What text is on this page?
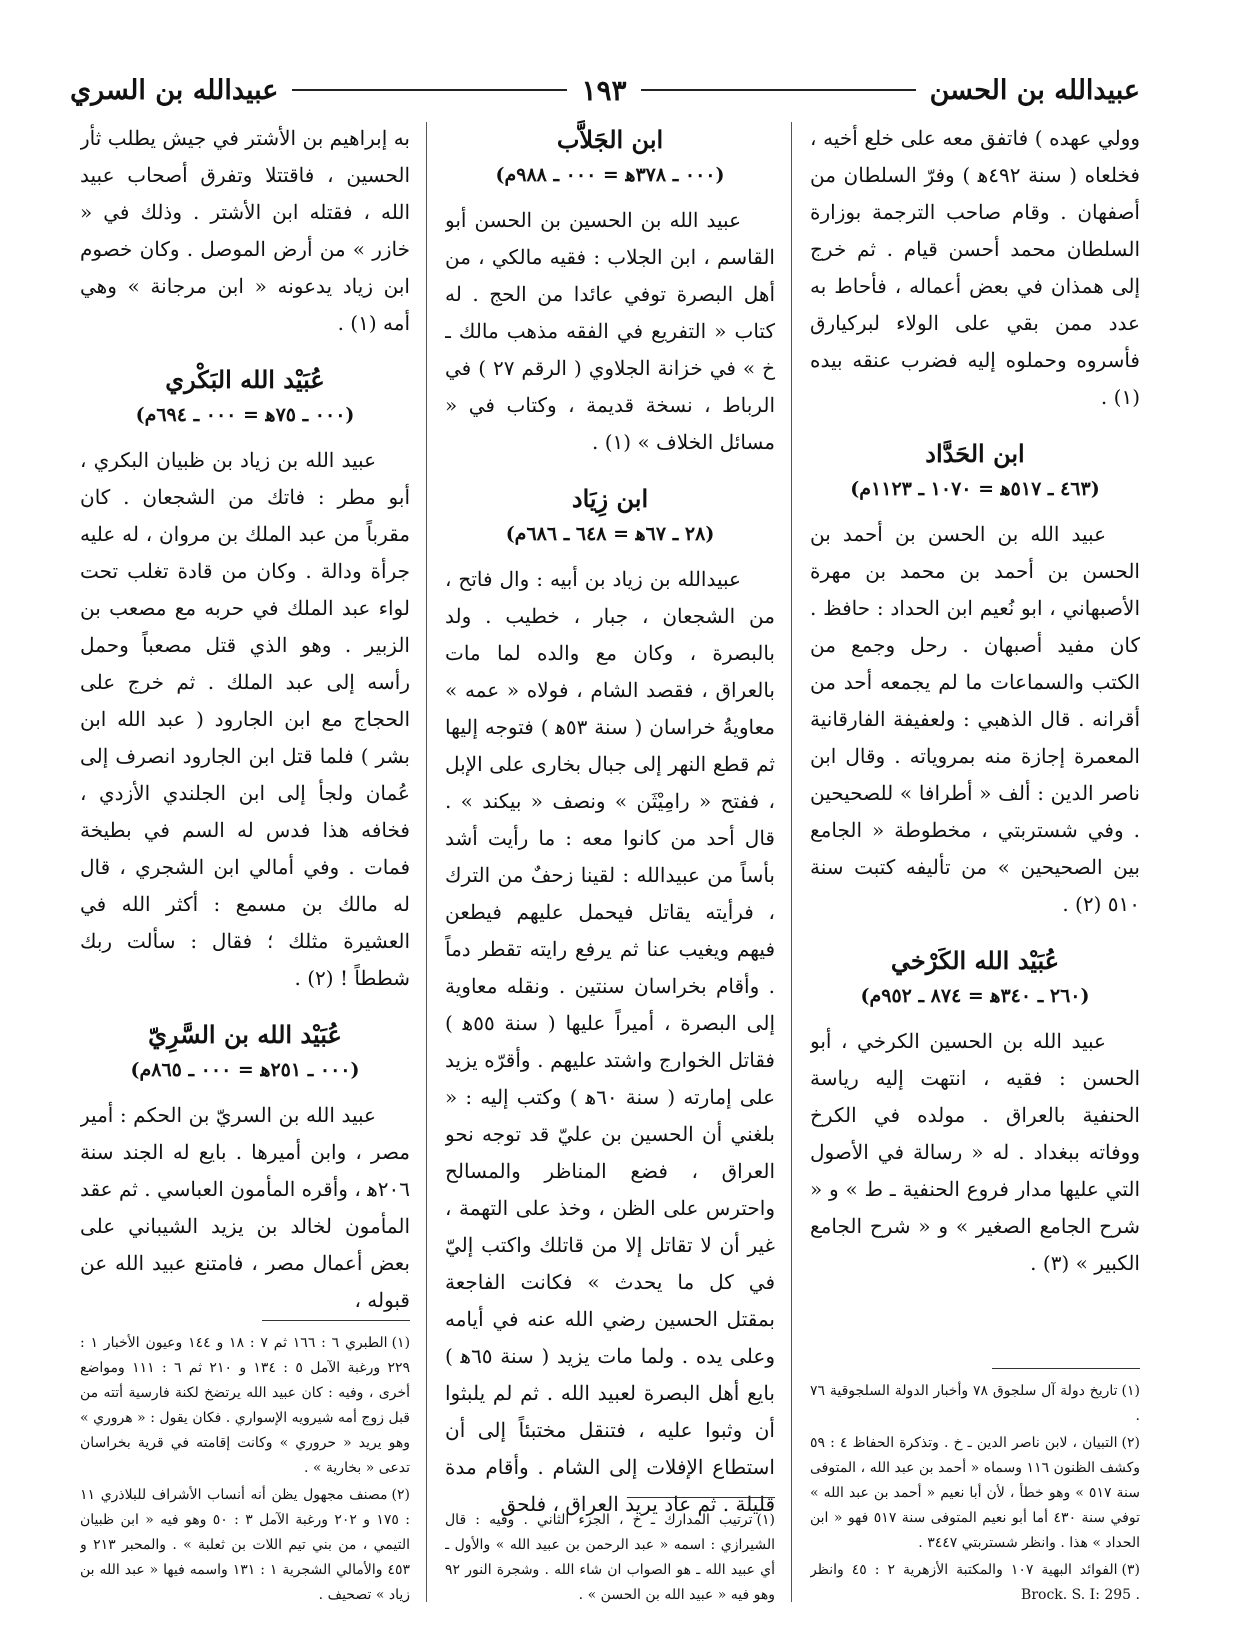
عبيدالله بن الحسن
١٩٣
عبيدالله بن السري

وولي عهده ) فاتفق معه على خلع أخيه ، فخلعاه ( سنة ٤٩٢ﻫ ) وفرّ السلطان من أصفهان . وقام صاحب الترجمة بوزارة السلطان محمد أحسن قيام . ثم خرج إلى همذان في بعض أعماله ، فأحاط به عدد ممن بقي على الولاء لبركيارق فأسروه وحملوه إليه فضرب عنقه بيده (١) .

ابن الحَدَّاد
(٤٦٣ ـ ٥١٧ﻫ = ١٠٧٠ ـ ١١٢٣م)

عبيد الله بن الحسن بن أحمد بن الحسن بن أحمد بن محمد بن مهرة الأصبهاني ، ابو نُعيم ابن الحداد : حافظ . كان مفيد أصبهان . رحل وجمع من الكتب والسماعات ما لم يجمعه أحد من أقرانه . قال الذهبي : ولعفيفة الفارقانية المعمرة إجازة منه بمروياته . وقال ابن ناصر الدين : ألف « أطرافا » للصحيحين . وفي شستربتي ، مخطوطة « الجامع بين الصحيحين » من تأليفه كتبت سنة ٥١٠ (٢) .

عُبَيْد الله الكَرْخي
(٢٦٠ ـ ٣٤٠ﻫ = ٨٧٤ ـ ٩٥٢م)

عبيد الله بن الحسين الكرخي ، أبو الحسن : فقيه ، انتهت إليه رياسة الحنفية بالعراق . مولده في الكرخ ووفاته ببغداد . له « رسالة في الأصول التي عليها مدار فروع الحنفية ـ ط » و « شرح الجامع الصغير » و « شرح الجامع الكبير » (٣) .

(١)تاريخ دولة آل سلجوق ٧٨ وأخبار الدولة السلجوقية ٧٦ .

(٢)التبيان ، لابن ناصر الدين ـ خ . وتذكرة الحفاظ ٤ : ٥٩ وكشف الظنون ١١٦ وسماه « أحمد بن عبد الله ، المتوفى سنة ٥١٧ » وهو خطأ ، لأن أبا نعيم « أحمد بن عبد الله » توفي سنة ٤٣٠ أما أبو نعيم المتوفى سنة ٥١٧ فهو « ابن الحداد » هذا . وانظر شستربتي ٣٤٤٧ .

(٣)الفوائد البهية ١٠٧ والمكتبة الأزهرية ٢ : ٤٥ وانظر Brock. S. I: 295 .

ابن الجَلاَّب
(٠٠٠ ـ ٣٧٨ﻫ = ٠٠٠ ـ ٩٨٨م)

عبيد الله بن الحسين بن الحسن أبو القاسم ، ابن الجلاب : فقيه مالكي ، من أهل البصرة توفي عائدا من الحج . له كتاب « التفريع في الفقه مذهب مالك ـ خ » في خزانة الجلاوي ( الرقم ٢٧ ) في الرباط ، نسخة قديمة ، وكتاب في « مسائل الخلاف » (١) .

ابن زِيَاد
(٢٨ ـ ٦٧ﻫ = ٦٤٨ ـ ٦٨٦م)

عبيدالله بن زياد بن أبيه : وال فاتح ، من الشجعان ، جبار ، خطيب . ولد بالبصرة ، وكان مع والده لما مات بالعراق ، فقصد الشام ، فولاه « عمه » معاويةُ خراسان ( سنة ٥٣ﻫ ) فتوجه إليها ثم قطع النهر إلى جبال بخارى على الإبل ، ففتح « رامِيْثَن » ونصف « بيكند » . قال أحد من كانوا معه : ما رأيت أشد بأساً من عبيدالله : لقينا زحفٌ من الترك ، فرأيته يقاتل فيحمل عليهم فيطعن فيهم ويغيب عنا ثم يرفع رايته تقطر دماً . وأقام بخراسان سنتين . ونقله معاوية إلى البصرة ، أميراً عليها ( سنة ٥٥ﻫ ) فقاتل الخوارج واشتد عليهم . وأقرّه يزيد على إمارته ( سنة ٦٠ﻫ ) وكتب إليه : « بلغني أن الحسين بن عليّ قد توجه نحو العراق ، فضع المناظر والمسالح واحترس على الظن ، وخذ على التهمة ، غير أن لا تقاتل إلا من قاتلك واكتب إليّ في كل ما يحدث » فكانت الفاجعة بمقتل الحسين رضي الله عنه في أيامه وعلى يده . ولما مات يزيد ( سنة ٦٥ﻫ ) بايع أهل البصرة لعبيد الله . ثم لم يلبثوا أن وثبوا عليه ، فتنقل مختبئاً إلى أن استطاع الإفلات إلى الشام . وأقام مدة قليلة . ثم عاد يريد العراق ، فلحق

(١)ترتيب المدارك ـ خ ، الجزء الثاني . وفيه : قال الشيرازي : اسمه « عبد الرحمن بن عبيد الله » والأول ـ أي عبيد الله ـ هو الصواب ان شاء الله . وشجرة النور ٩٢ وهو فيه « عبيد الله بن الحسن » .

به إبراهيم بن الأشتر في جيش يطلب ثأر الحسين ، فاقتتلا وتفرق أصحاب عبيد الله ، فقتله ابن الأشتر . وذلك في « خازر » من أرض الموصل . وكان خصوم ابن زياد يدعونه « ابن مرجانة » وهي أمه (١) .

عُبَيْد الله البَكْري
(٠٠٠ ـ ٧٥ﻫ = ٠٠٠ ـ ٦٩٤م)

عبيد الله بن زياد بن ظبيان البكري ، أبو مطر : فاتك من الشجعان . كان مقرباً من عبد الملك بن مروان ، له عليه جرأة ودالة . وكان من قادة تغلب تحت لواء عبد الملك في حربه مع مصعب بن الزبير . وهو الذي قتل مصعباً وحمل رأسه إلى عبد الملك . ثم خرج على الحجاج مع ابن الجارود ( عبد الله ابن بشر ) فلما قتل ابن الجارود انصرف إلى عُمان ولجأ إلى ابن الجلندي الأزدي ، فخافه هذا فدس له السم في بطيخة فمات . وفي أمالي ابن الشجري ، قال له مالك بن مسمع : أكثر الله في العشيرة مثلك ؛ فقال : سألت ربك شططاً ! (٢) .

عُبَيْد الله بن السَّرِيّ
(٠٠٠ ـ ٢٥١ﻫ = ٠٠٠ ـ ٨٦٥م)

عبيد الله بن السريّ بن الحكم : أمير مصر ، وابن أميرها . بايع له الجند سنة ٢٠٦ﻫ ، وأقره المأمون العباسي . ثم عقد المأمون لخالد بن يزيد الشيباني على بعض أعمال مصر ، فامتنع عبيد الله عن قبوله ،

(١)الطبري ٦ : ١٦٦ ثم ٧ : ١٨ و ١٤٤ وعيون الأخبار ١ : ٢٢٩ ورغبة الآمل ٥ : ١٣٤ و ٢١٠ ثم ٦ : ١١١ ومواضع أخرى ، وفيه : كان عبيد الله يرتضخ لكنة فارسية أتته من قبل زوج أمه شيرويه الإسواري . فكان يقول : « هروري » وهو يريد « حروري » وكانت إقامته في قرية بخراسان تدعى « بخارية » .

(٢)مصنف مجهول يظن أنه أنساب الأشراف للبلاذري ١١ : ١٧٥ و ٢٠٢ ورغبة الآمل ٣ : ٥٠ وهو فيه « ابن ظبيان التيمي ، من بني تيم اللات بن ثعلبة » . والمحبر ٢١٣ و ٤٥٣ والأمالي الشجرية ١ : ١٣١ واسمه فيها « عبد الله بن زياد » تصحيف .
